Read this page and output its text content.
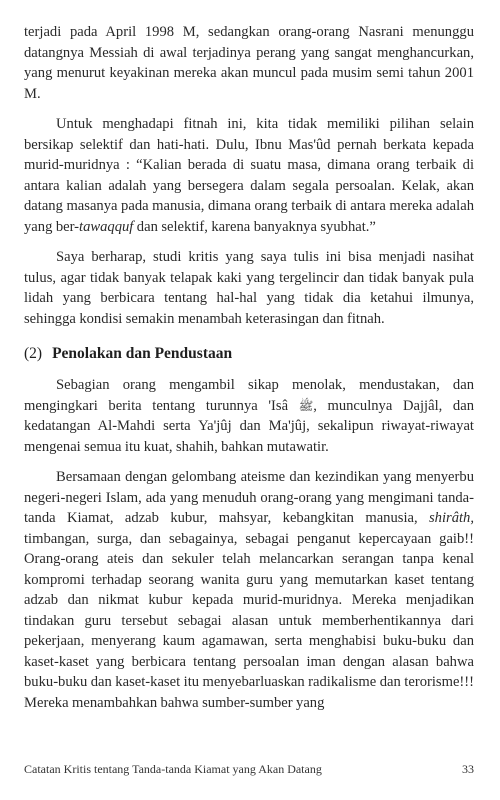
terjadi pada April 1998 M, sedangkan orang-orang Nasrani menunggu datangnya Messiah di awal terjadinya perang yang sangat menghancurkan, yang menurut keyakinan mereka akan muncul pada musim semi tahun 2001 M.

Untuk menghadapi fitnah ini, kita tidak memiliki pilihan selain bersikap selektif dan hati-hati. Dulu, Ibnu Mas'ûd pernah berkata kepada murid-muridnya : “Kalian berada di suatu masa, dimana orang terbaik di antara kalian adalah yang bersegera dalam segala persoalan. Kelak, akan datang masanya pada manusia, dimana orang terbaik di antara mereka adalah yang ber-tawaqquf dan selektif, karena banyaknya syubhat.”

Saya berharap, studi kritis yang saya tulis ini bisa menjadi nasihat tulus, agar tidak banyak telapak kaki yang tergelincir dan tidak banyak pula lidah yang berbicara tentang hal-hal yang tidak dia ketahui ilmunya, sehingga kondisi semakin menambah keterasingan dan fitnah.

(2) Penolakan dan Pendustaan

Sebagian orang mengambil sikap menolak, mendustakan, dan mengingkari berita tentang turunnya 'Isâ ﷺ, munculnya Dajjâl, dan kedatangan Al-Mahdi serta Ya'jûj dan Ma'jûj, sekalipun riwayat-riwayat mengenai semua itu kuat, shahih, bahkan mutawatir.

Bersamaan dengan gelombang ateisme dan kezindikan yang menyerbu negeri-negeri Islam, ada yang menuduh orang-orang yang mengimani tanda-tanda Kiamat, adzab kubur, mahsyar, kebangkitan manusia, shirâth, timbangan, surga, dan sebagainya, sebagai penganut kepercayaan gaib!! Orang-orang ateis dan sekuler telah melancarkan serangan tanpa kenal kompromi terhadap seorang wanita guru yang memutarkan kaset tentang adzab dan nikmat kubur kepada murid-muridnya. Mereka menjadikan tindakan guru tersebut sebagai alasan untuk memberhentikannya dari pekerjaan, menyerang kaum agamawan, serta menghabisi buku-buku dan kaset-kaset yang berbicara tentang persoalan iman dengan alasan bahwa buku-buku dan kaset-kaset itu menyebarluaskan radikalisme dan terorisme!!! Mereka menambahkan bahwa sumber-sumber yang

Catatan Kritis tentang Tanda-tanda Kiamat yang Akan Datang	33
